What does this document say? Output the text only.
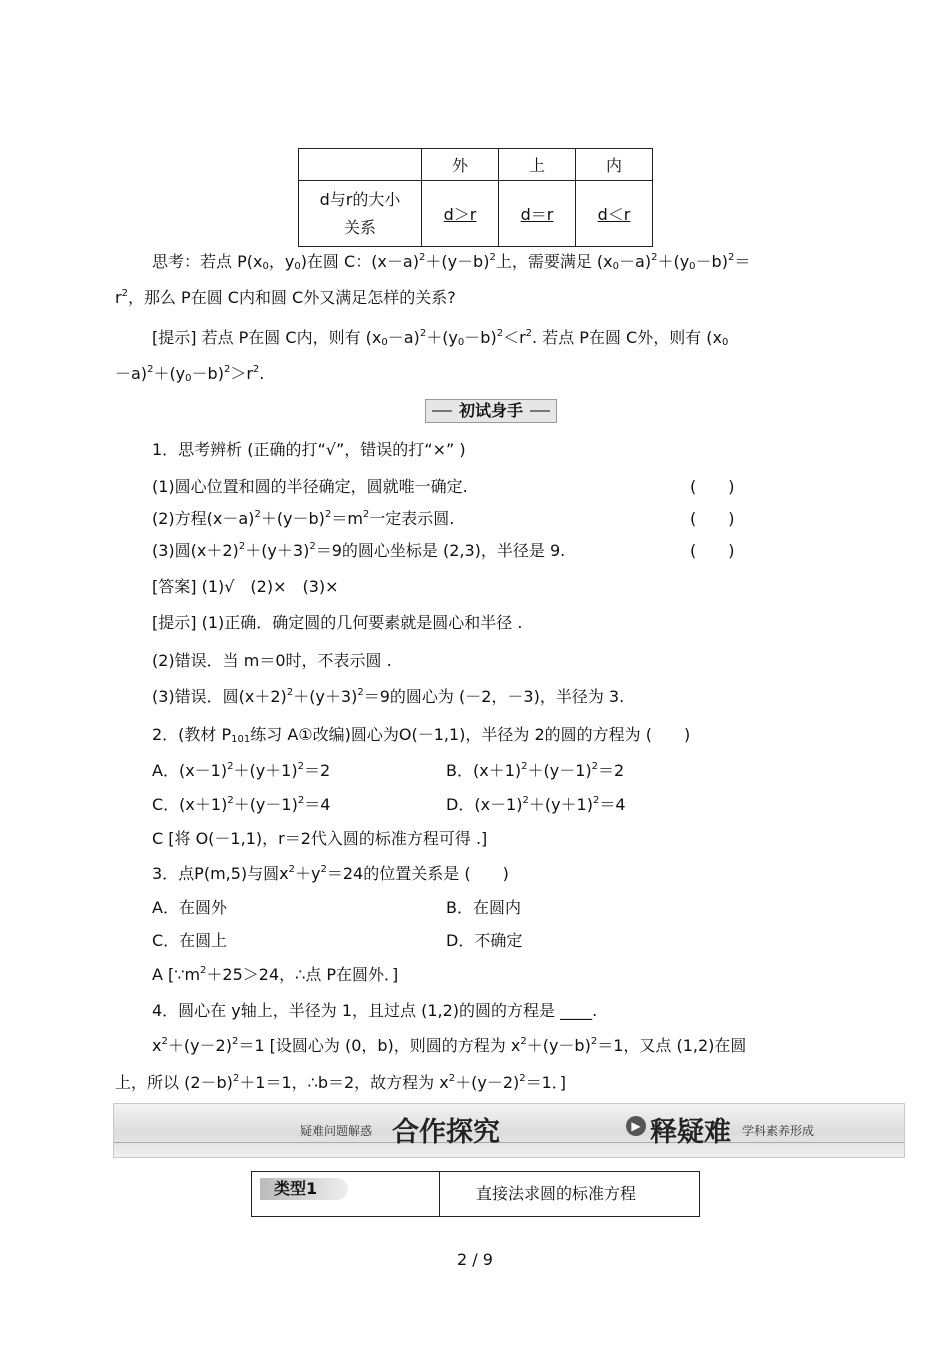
	外	上	内

d与r的大小
关系	d＞r	d＝r	d＜r
思考：若点 $P(x_0$，$y_0$)在圆 C：$(x-a)^2+(y-b)^2$上，需要满足 $(x_0-a)^2+(y_0-b)^2=$
$r^2$，那么 P在圆 C内和圆 C外又满足怎样的关系?
[提示] 若点 P在圆 C内，则有 $(x_0-a)^2+(y_0-b)^2<r^2$. 若点 P在圆 C外，则有 ($x_0$
$-a)^2+(y_0-b)^2>r^2$.
初试身手
1．思考辨析 (正确的打“√”，错误的打“×” )
(1)圆心位置和圆的半径确定，圆就唯一确定.	(　　)
(2)方程$(x-a)^2+(y-b)^2=m^2$一定表示圆.	(　　)
(3)圆$(x+2)^2+(y+3)^2=9$的圆心坐标是 (2,3)，半径是 9.	(　　)
[答案] (1)√　(2)×　(3)×
[提示] (1)正确．确定圆的几何要素就是圆心和半径 .
(2)错误．当 m＝0时，不表示圆 .
(3)错误．圆$(x+2)^2+(y+3)^2=9$的圆心为 (－2，－3)，半径为 3.
2．(教材 $P_{101}$练习 A①改编)圆心为O(－1,1)，半径为 2的圆的方程为 (　　)
A．$(x-1)^2+(y+1)^2=2$	B．$(x+1)^2+(y-1)^2=2$
C．$(x+1)^2+(y-1)^2=4$	D．$(x-1)^2+(y+1)^2=4$
C [将 O(－1,1)，r＝2代入圆的标准方程可得 .]
3．点P(m,5)与圆$x^2+y^2=24$的位置关系是 (　　)
A．在圆外	B．在圆内
C．在圆上	D．不确定
A [$\because m^2+25>24$，∴点 P在圆外．]
4．圆心在 y轴上，半径为 1，且过点 (1,2)的圆的方程是 ____.
$x^2+(y-2)^2=1$ [设圆心为 (0，b)，则圆的方程为 $x^2+(y-b)^2=1$，又点 (1,2)在圆
上，所以 $(2-b)^2+1=1$，∴b＝2，故方程为 $x^2+(y-2)^2=1$．]
疑难问题解惑 合作探究	▶ 释疑难 学科素养形成
类型1	直接法求圆的标准方程
2 / 9
